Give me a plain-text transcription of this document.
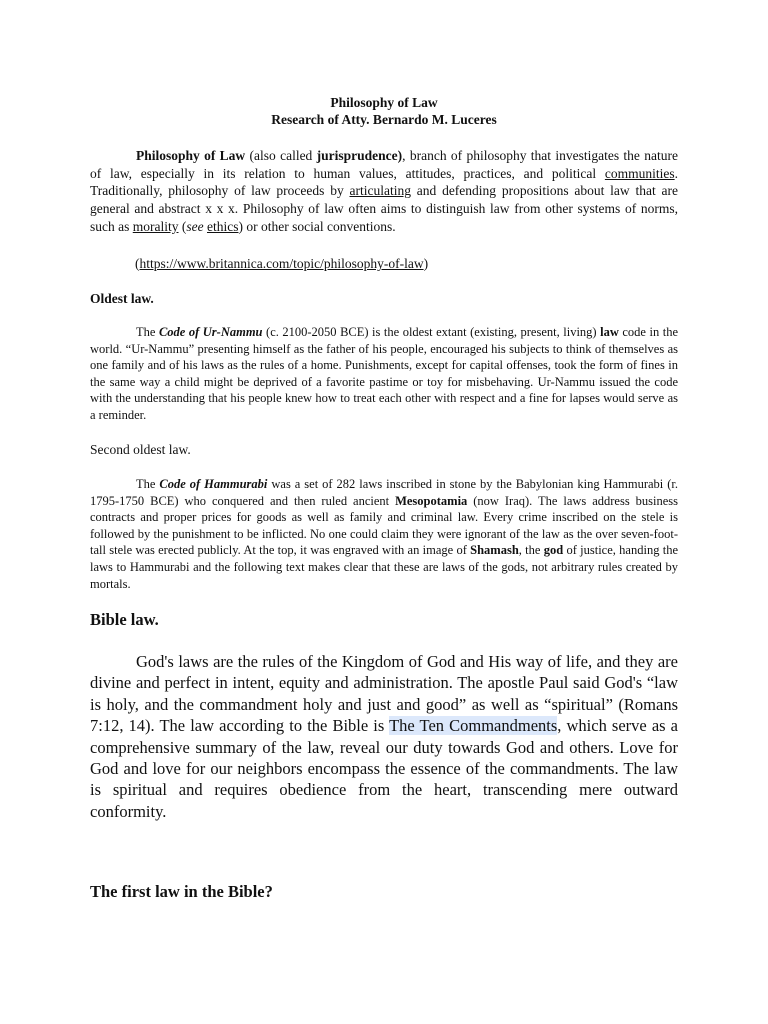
Philosophy of Law
Research of Atty. Bernardo M. Luceres

Philosophy of Law (also called jurisprudence), branch of philosophy that investigates the nature of law, especially in its relation to human values, attitudes, practices, and political communities. Traditionally, philosophy of law proceeds by articulating and defending propositions about law that are general and abstract x x x. Philosophy of law often aims to distinguish law from other systems of norms, such as morality (see ethics) or other social conventions.

(https://www.britannica.com/topic/philosophy-of-law)
Oldest law.

The Code of Ur-Nammu (c. 2100-2050 BCE) is the oldest extant (existing, present, living) law code in the world. “Ur-Nammu” presenting himself as the father of his people, encouraged his subjects to think of themselves as one family and of his laws as the rules of a home. Punishments, except for capital offenses, took the form of fines in the same way a child might be deprived of a favorite pastime or toy for misbehaving. Ur-Nammu issued the code with the understanding that his people knew how to treat each other with respect and a fine for lapses would serve as a reminder.

Second oldest law.

The Code of Hammurabi was a set of 282 laws inscribed in stone by the Babylonian king Hammurabi (r. 1795-1750 BCE) who conquered and then ruled ancient Mesopotamia (now Iraq). The laws address business contracts and proper prices for goods as well as family and criminal law. Every crime inscribed on the stele is followed by the punishment to be inflicted. No one could claim they were ignorant of the law as the over seven-foot-tall stele was erected publicly. At the top, it was engraved with an image of Shamash, the god of justice, handing the laws to Hammurabi and the following text makes clear that these are laws of the gods, not arbitrary rules created by mortals.

Bible law.

God's laws are the rules of the Kingdom of God and His way of life, and they are divine and perfect in intent, equity and administration. The apostle Paul said God's “law is holy, and the commandment holy and just and good” as well as “spiritual” (Romans 7:12, 14). The law according to the Bible is The Ten Commandments, which serve as a comprehensive summary of the law, reveal our duty towards God and others. Love for God and love for our neighbors encompass the essence of the commandments. The law is spiritual and requires obedience from the heart, transcending mere outward conformity.

The first law in the Bible?
